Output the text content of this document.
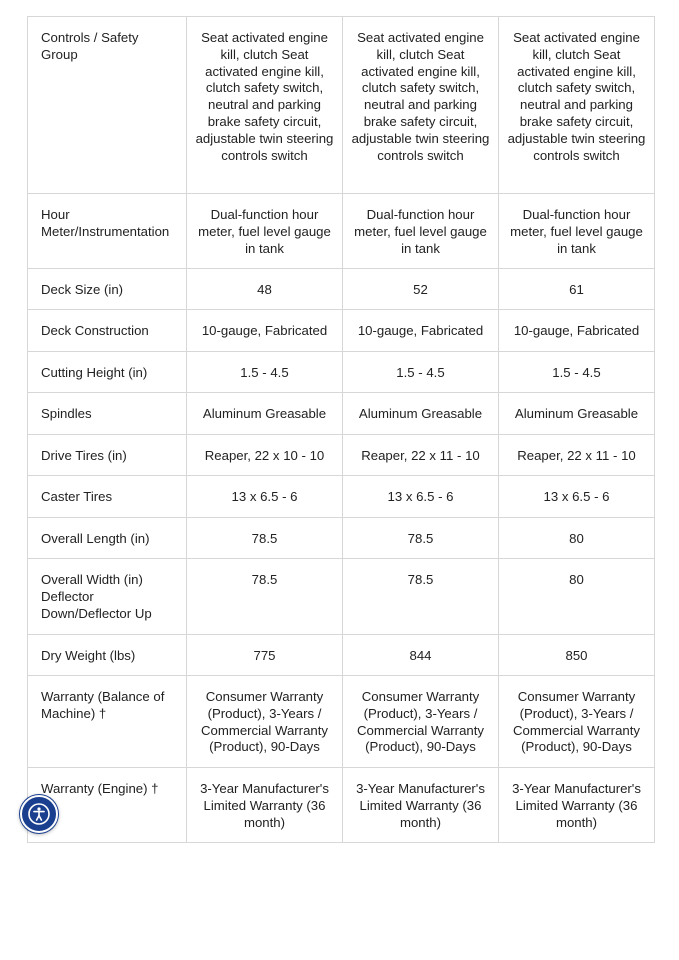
Controls / Safety Group	Seat activated engine kill, clutch Seat activated engine kill, clutch safety switch, neutral and parking brake safety circuit, adjustable twin steering controls switch	Seat activated engine kill, clutch Seat activated engine kill, clutch safety switch, neutral and parking brake safety circuit, adjustable twin steering controls switch	Seat activated engine kill, clutch Seat activated engine kill, clutch safety switch, neutral and parking brake safety circuit, adjustable twin steering controls switch
Hour Meter/Instrumentation	Dual-function hour meter, fuel level gauge in tank	Dual-function hour meter, fuel level gauge in tank	Dual-function hour meter, fuel level gauge in tank
Deck Size (in)	48	52	61
Deck Construction	10-gauge, Fabricated	10-gauge, Fabricated	10-gauge, Fabricated
Cutting Height (in)	1.5 - 4.5	1.5 - 4.5	1.5 - 4.5
Spindles	Aluminum Greasable	Aluminum Greasable	Aluminum Greasable
Drive Tires (in)	Reaper, 22 x 10 - 10	Reaper, 22 x 11 - 10	Reaper, 22 x 11 - 10
Caster Tires	13 x 6.5 - 6	13 x 6.5 - 6	13 x 6.5 - 6
Overall Length (in)	78.5	78.5	80
Overall Width (in) Deflector Down/Deflector Up	78.5	78.5	80
Dry Weight (lbs)	775	844	850
Warranty (Balance of Machine) †	Consumer Warranty (Product), 3-Years / Commercial Warranty (Product), 90-Days	Consumer Warranty (Product), 3-Years / Commercial Warranty (Product), 90-Days	Consumer Warranty (Product), 3-Years / Commercial Warranty (Product), 90-Days
Warranty (Engine) †	3-Year Manufacturer's Limited Warranty (36 month)	3-Year Manufacturer's Limited Warranty (36 month)	3-Year Manufacturer's Limited Warranty (36 month)
